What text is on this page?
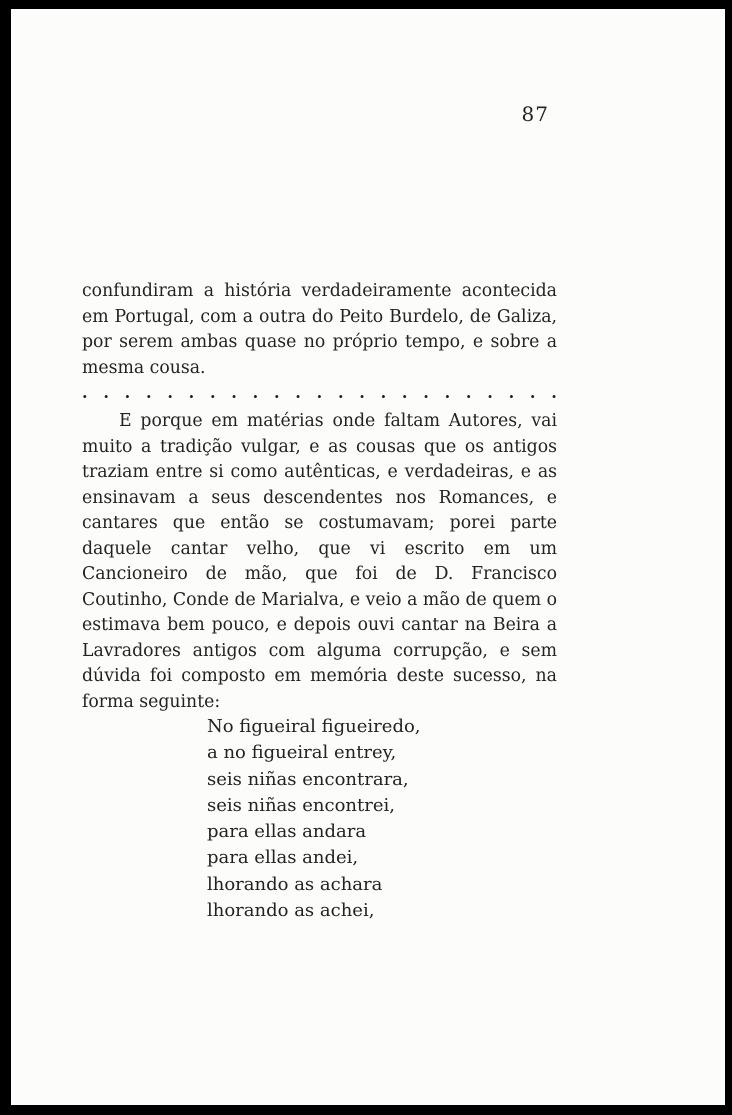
87

confundiram a história verdadeiramente acontecida em Portugal, com a outra do Peito Burdelo, de Galiza, por serem ambas quase no próprio tempo, e sobre a mesma cousa.

. . . . . . . . . . . . . . . . . . . . . . .

E porque em matérias onde faltam Autores, vai muito a tradição vulgar, e as cousas que os antigos traziam entre si como autênticas, e verdadeiras, e as ensinavam a seus descendentes nos Romances, e cantares que então se costumavam; porei parte daquele cantar velho, que vi escrito em um Cancioneiro de mão, que foi de D. Francisco Coutinho, Conde de Marialva, e veio a mão de quem o estimava bem pouco, e depois ouvi cantar na Beira a Lavradores antigos com alguma corrupção, e sem dúvida foi composto em memória deste sucesso, na forma seguinte:

No figueiral figueiredo,
a no figueiral entrey,
seis niñas encontrara,
seis niñas encontrei,
para ellas andara
para ellas andei,
lhorando as achara
lhorando as achei,
